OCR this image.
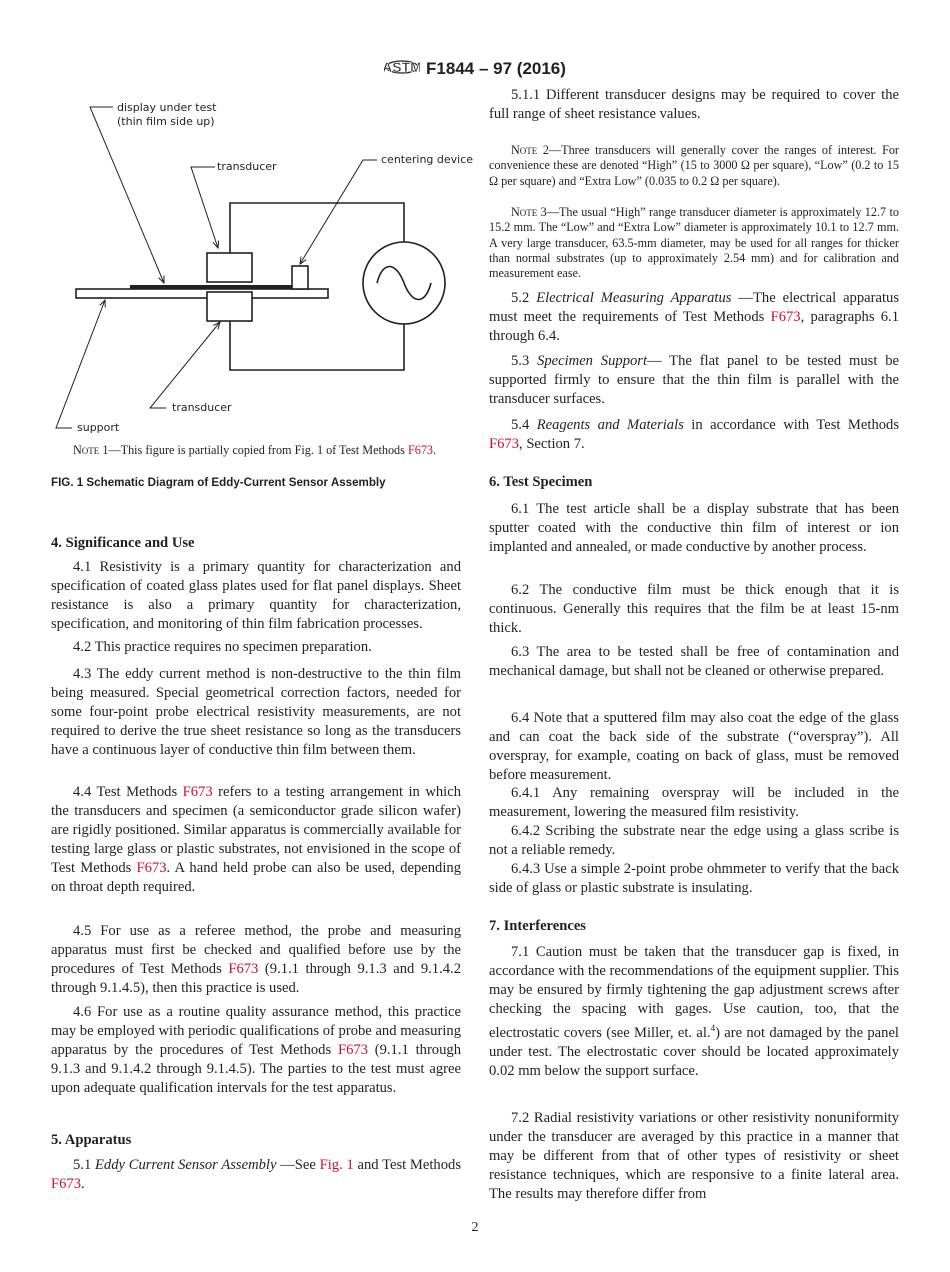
ASTM F1844 – 97 (2016)
display under test
(thin film side up)
transducer
centering device
transducer
support

Note 1—This figure is partially copied from Fig. 1 of Test Methods F673.

FIG. 1 Schematic Diagram of Eddy-Current Sensor Assembly
4. Significance and Use

4.1 Resistivity is a primary quantity for characterization and specification of coated glass plates used for flat panel displays. Sheet resistance is also a primary quantity for characterization, specification, and monitoring of thin film fabrication processes.

4.2 This practice requires no specimen preparation.

4.3 The eddy current method is non-destructive to the thin film being measured. Special geometrical correction factors, needed for some four-point probe electrical resistivity measurements, are not required to derive the true sheet resistance so long as the transducers have a continuous layer of conductive thin film between them.

4.4 Test Methods F673 refers to a testing arrangement in which the transducers and specimen (a semiconductor grade silicon wafer) are rigidly positioned. Similar apparatus is commercially available for testing large glass or plastic substrates, not envisioned in the scope of Test Methods F673. A hand held probe can also be used, depending on throat depth required.

4.5 For use as a referee method, the probe and measuring apparatus must first be checked and qualified before use by the procedures of Test Methods F673 (9.1.1 through 9.1.3 and 9.1.4.2 through 9.1.4.5), then this practice is used.

4.6 For use as a routine quality assurance method, this practice may be employed with periodic qualifications of probe and measuring apparatus by the procedures of Test Methods F673 (9.1.1 through 9.1.3 and 9.1.4.2 through 9.1.4.5). The parties to the test must agree upon adequate qualification intervals for the test apparatus.

5. Apparatus

5.1 Eddy Current Sensor Assembly —See Fig. 1 and Test Methods F673.

5.1.1 Different transducer designs may be required to cover the full range of sheet resistance values.

Note 2—Three transducers will generally cover the ranges of interest. For convenience these are denoted “High” (15 to 3000 Ω per square), “Low” (0.2 to 15 Ω per square) and “Extra Low” (0.035 to 0.2 Ω per square).

Note 3—The usual “High” range transducer diameter is approximately 12.7 to 15.2 mm. The “Low” and “Extra Low” diameter is approximately 10.1 to 12.7 mm. A very large transducer, 63.5-mm diameter, may be used for all ranges for thicker than normal substrates (up to approximately 2.54 mm) and for calibration and measurement ease.

5.2 Electrical Measuring Apparatus —The electrical apparatus must meet the requirements of Test Methods F673, paragraphs 6.1 through 6.4.

5.3 Specimen Support— The flat panel to be tested must be supported firmly to ensure that the thin film is parallel with the transducer surfaces.

5.4 Reagents and Materials in accordance with Test Methods F673, Section 7.

6. Test Specimen

6.1 The test article shall be a display substrate that has been sputter coated with the conductive thin film of interest or ion implanted and annealed, or made conductive by another process.

6.2 The conductive film must be thick enough that it is continuous. Generally this requires that the film be at least 15-nm thick.

6.3 The area to be tested shall be free of contamination and mechanical damage, but shall not be cleaned or otherwise prepared.

6.4 Note that a sputtered film may also coat the edge of the glass and can coat the back side of the substrate (“overspray”). All overspray, for example, coating on back of glass, must be removed before measurement.

6.4.1 Any remaining overspray will be included in the measurement, lowering the measured film resistivity.

6.4.2 Scribing the substrate near the edge using a glass scribe is not a reliable remedy.

6.4.3 Use a simple 2-point probe ohmmeter to verify that the back side of glass or plastic substrate is insulating.

7. Interferences

7.1 Caution must be taken that the transducer gap is fixed, in accordance with the recommendations of the equipment supplier. This may be ensured by firmly tightening the gap adjustment screws after checking the spacing with gages. Use caution, too, that the electrostatic covers (see Miller, et. al.$^4$) are not damaged by the panel under test. The electrostatic cover should be located approximately 0.02 mm below the support surface.

7.2 Radial resistivity variations or other resistivity nonuniformity under the transducer are averaged by this practice in a manner that may be different from that of other types of resistivity or sheet resistance techniques, which are responsive to a finite lateral area. The results may therefore differ from

2
